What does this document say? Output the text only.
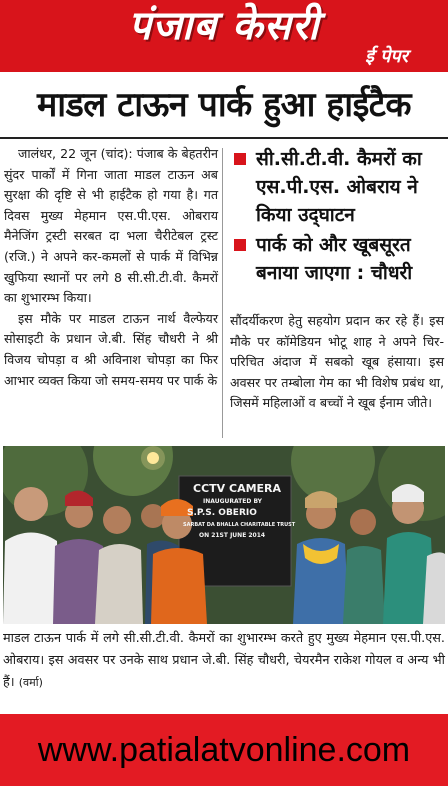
पंजाब केसरी
ई पेपर
माडल टाऊन पार्क हुआ हाईटैक

जालंधर, 22 जून (चांद): पंजाब के बेहतरीन सुंदर पार्कों में गिना जाता माडल टाऊन अब सुरक्षा की दृष्टि से भी हाईटैक हो गया है। गत दिवस मुख्य मेहमान एस.पी.एस. ओबराय मैनेजिंग ट्रस्टी सरबत दा भला चैरीटेबल ट्रस्ट (रजि.) ने अपने कर-कमलों से पार्क में विभिन्न खुफिया स्थानों पर लगे 8 सी.सी.टी.वी. कैमरों का शुभारम्भ किया।

इस मौके पर माडल टाऊन नार्थ वैल्फेयर सोसाइटी के प्रधान जे.बी. सिंह चौधरी ने श्री विजय चोपड़ा व श्री अविनाश चोपड़ा का फिर आभार व्यक्त किया जो समय-समय पर पार्क के

सी.सी.टी.वी. कैमरों का एस.पी.एस. ओबराय ने किया उद्‌घाटन
पार्क को और खूबसूरत बनाया जाएगा : चौधरी
सौंदर्यीकरण हेतु सहयोग प्रदान कर रहे हैं। इस मौके पर कॉमेडियन भोटू शाह ने अपने चिर-परिचित अंदाज में सबको खूब हंसाया। इस अवसर पर तम्बोला गेम का भी विशेष प्रबंध था, जिसमें महिलाओं व बच्चों ने खूब ईनाम जीते।
CCTV CAMERA
INAUGURATED BY
S.P.S. OBERIO
SARBAT DA BHALLA CHARITABLE TRUST
ON 21ST JUNE 2014
माडल टाऊन पार्क में लगे सी.सी.टी.वी. कैमरों का शुभारम्भ करते हुए मुख्य मेहमान एस.पी.एस. ओबराय। इस अवसर पर उनके साथ प्रधान जे.बी. सिंह चौधरी, चेयरमैन राकेश गोयल व अन्य भी हैं। (वर्मा)
www.patialatvonline.com
